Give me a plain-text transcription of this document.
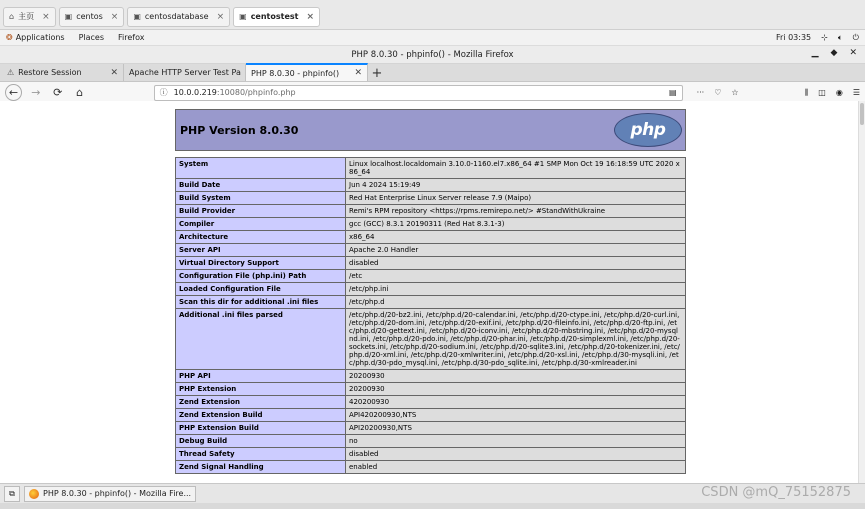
⌂ 主页 × ▣ centos × ▣ centosdatabase × ▣ centostest ×
❂ Applications Places Firefox	Fri 03:35 ⊹ 🔈︎ ⏻
PHP 8.0.30 - phpinfo() - Mozilla Firefox	▁ ◆ ✕
⚠ Restore Session	✕ Apache HTTP Server Test Pa PHP 8.0.30 - phpinfo()	✕ +
←	→	⟳	⌂	ⓘ 10.0.0.219:10080/phpinfo.php	▤	··· ♡ ☆	⫼ ◫ ◉ ☰
PHP Version 8.0.30	php
System	Linux localhost.localdomain 3.10.0-1160.el7.x86_64 #1 SMP Mon Oct 19 16:18:59 UTC 2020 x86_64
Build Date	Jun 4 2024 15:19:49
Build System	Red Hat Enterprise Linux Server release 7.9 (Maipo)
Build Provider	Remi's RPM repository <https://rpms.remirepo.net/> #StandWithUkraine
Compiler	gcc (GCC) 8.3.1 20190311 (Red Hat 8.3.1-3)
Architecture	x86_64
Server API	Apache 2.0 Handler
Virtual Directory Support	disabled
Configuration File (php.ini) Path	/etc
Loaded Configuration File	/etc/php.ini
Scan this dir for additional .ini files	/etc/php.d
Additional .ini files parsed	/etc/php.d/20-bz2.ini, /etc/php.d/20-calendar.ini, /etc/php.d/20-ctype.ini, /etc/php.d/20-curl.ini, /etc/php.d/20-dom.ini, /etc/php.d/20-exif.ini, /etc/php.d/20-fileinfo.ini, /etc/php.d/20-ftp.ini, /etc/php.d/20-gettext.ini, /etc/php.d/20-iconv.ini, /etc/php.d/20-mbstring.ini, /etc/php.d/20-mysqlnd.ini, /etc/php.d/20-pdo.ini, /etc/php.d/20-phar.ini, /etc/php.d/20-simplexml.ini, /etc/php.d/20-sockets.ini, /etc/php.d/20-sodium.ini, /etc/php.d/20-sqlite3.ini, /etc/php.d/20-tokenizer.ini, /etc/php.d/20-xml.ini, /etc/php.d/20-xmlwriter.ini, /etc/php.d/20-xsl.ini, /etc/php.d/30-mysqli.ini, /etc/php.d/30-pdo_mysql.ini, /etc/php.d/30-pdo_sqlite.ini, /etc/php.d/30-xmlreader.ini
PHP API	20200930
PHP Extension	20200930
Zend Extension	420200930
Zend Extension Build	API420200930,NTS
PHP Extension Build	API20200930,NTS
Debug Build	no
Thread Safety	disabled
Zend Signal Handling	enabled
⧉	PHP 8.0.30 - phpinfo() - Mozilla Fire...	CSDN @mQ_75152875
